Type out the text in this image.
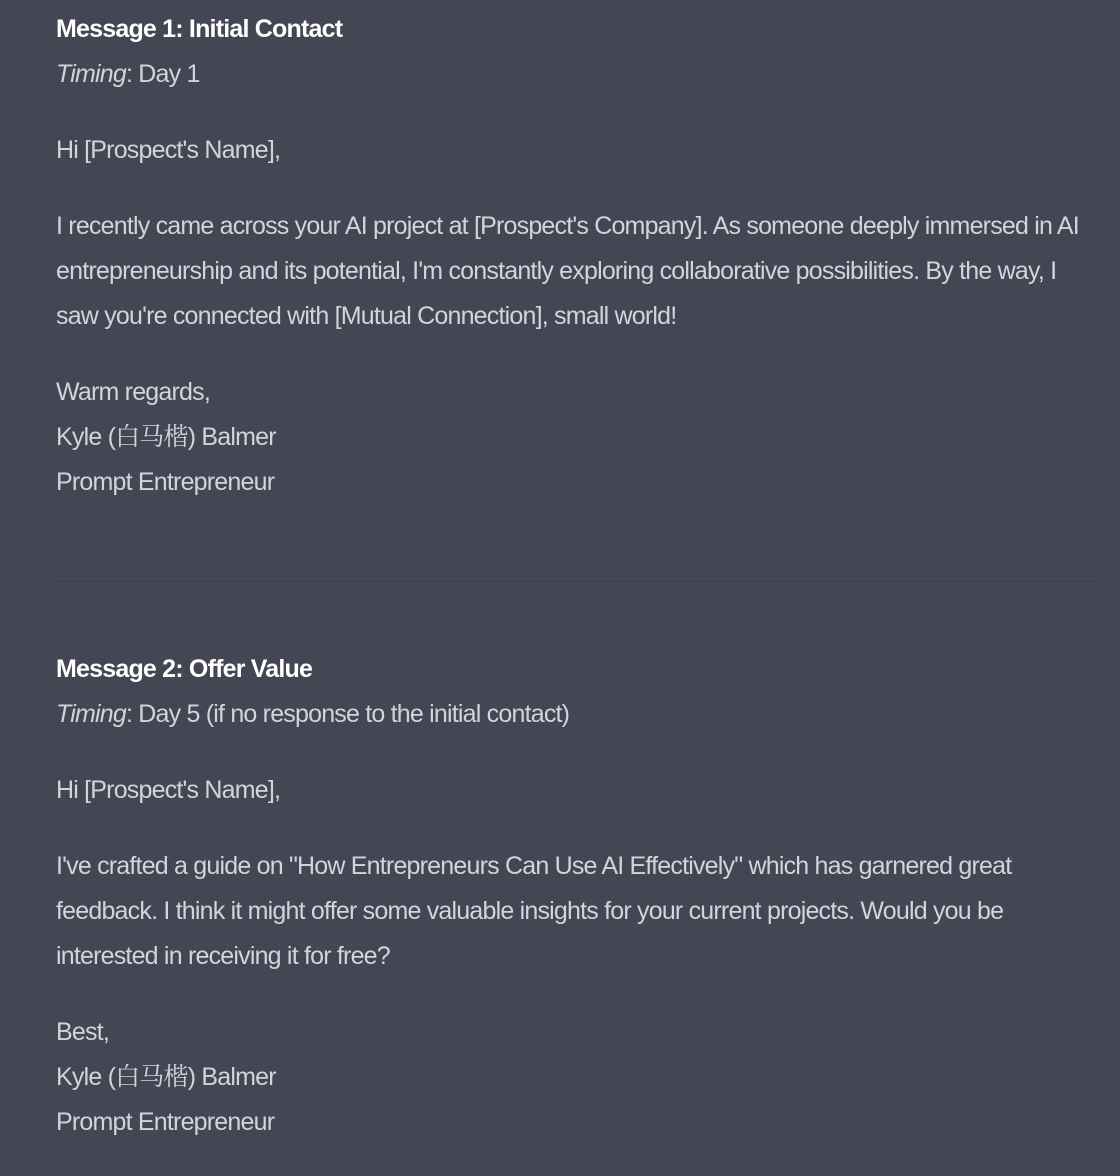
Message 1: Initial Contact
Timing: Day 1

Hi [Prospect's Name],

I recently came across your AI project at [Prospect's Company]. As someone deeply immersed in AI entrepreneurship and its potential, I'm constantly exploring collaborative possibilities. By the way, I saw you're connected with [Mutual Connection], small world!

Warm regards,
Kyle (白马楷) Balmer
Prompt Entrepreneur

Message 2: Offer Value
Timing: Day 5 (if no response to the initial contact)

Hi [Prospect's Name],

I've crafted a guide on "How Entrepreneurs Can Use AI Effectively" which has garnered great feedback. I think it might offer some valuable insights for your current projects. Would you be interested in receiving it for free?

Best,
Kyle (白马楷) Balmer
Prompt Entrepreneur
